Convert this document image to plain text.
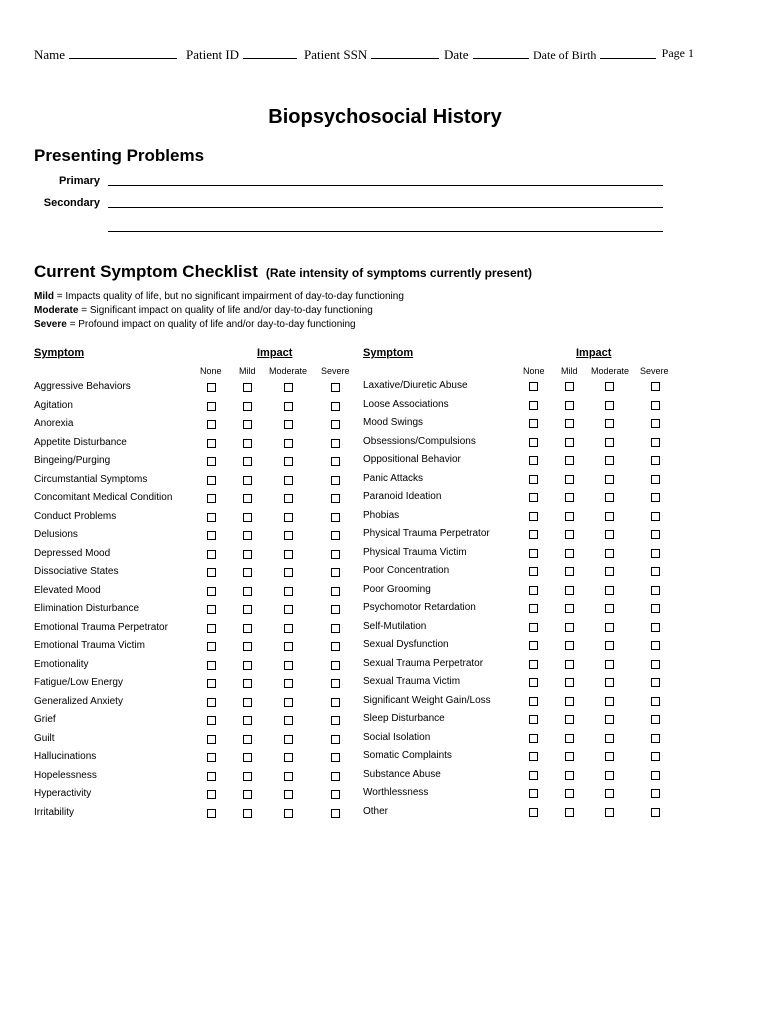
Name	Patient ID	Patient SSN	Date	Date of Birth	Page 1
Biopsychosocial History
Presenting Problems
Primary
Secondary
Current Symptom Checklist (Rate intensity of symptoms currently present)
Mild = Impacts quality of life, but no significant impairment of day-to-day functioning
Moderate = Significant impact on quality of life and/or day-to-day functioning
Severe = Profound impact on quality of life and/or day-to-day functioning
Symptom	Impact	Symptom	Impact
None Mild Moderate Severe	None Mild Moderate Severe
Aggressive Behaviors
Agitation
Anorexia
Appetite Disturbance
Bingeing/Purging
Circumstantial Symptoms
Concomitant Medical Condition
Conduct Problems
Delusions
Depressed Mood
Dissociative States
Elevated Mood
Elimination Disturbance
Emotional Trauma Perpetrator
Emotional Trauma Victim
Emotionality
Fatigue/Low Energy
Generalized Anxiety
Grief
Guilt
Hallucinations
Hopelessness
Hyperactivity
Irritability
Laxative/Diuretic Abuse
Loose Associations
Mood Swings
Obsessions/Compulsions
Oppositional Behavior
Panic Attacks
Paranoid Ideation
Phobias
Physical Trauma Perpetrator
Physical Trauma Victim
Poor Concentration
Poor Grooming
Psychomotor Retardation
Self-Mutilation
Sexual Dysfunction
Sexual Trauma Perpetrator
Sexual Trauma Victim
Significant Weight Gain/Loss
Sleep Disturbance
Social Isolation
Somatic Complaints
Substance Abuse
Worthlessness
Other
